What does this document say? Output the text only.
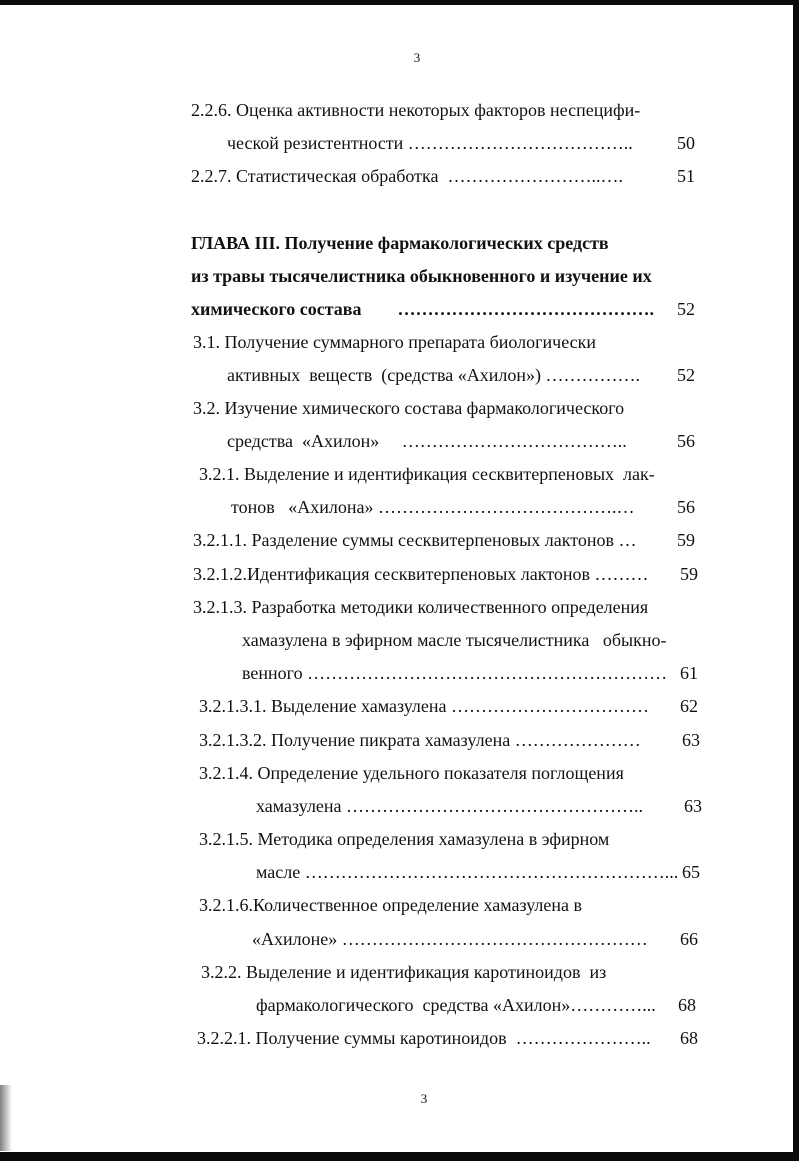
3
2.2.6. Оценка активности некоторых факторов неспецифи-
ческой резистентности ………………………………..	50
2.2.7. Статистическая обработка  ……………………..….	51
ГЛАВА III. Получение фармакологических средств
из травы тысячелистника обыкновенного и изучение их
химического состава        …………………………………….	52
3.1. Получение суммарного препарата биологически
активных  веществ  (средства «Ахилон») …………….	52
3.2. Изучение химического состава фармакологического
средства  «Ахилон»     ………………………………..	56
3.2.1. Выделение и идентификация сесквитерпеновых  лак-
тонов   «Ахилона» ………………………………….…	56
3.2.1.1. Разделение суммы сесквитерпеновых лактонов …	59
3.2.1.2.Идентификация сесквитерпеновых лактонов ………	59
3.2.1.3. Разработка методики количественного определения
хамазулена в эфирном масле тысячелистника   обыкно-
венного …………………………………………………… 61
3.2.1.3.1. Выделение хамазулена ……………………………	62
3.2.1.3.2. Получение пикрата хамазулена …………………	63
3.2.1.4. Определение удельного показателя поглощения
хамазулена …………………………………………..	63
3.2.1.5. Методика определения хамазулена в эфирном
масле ……………………………………………………... 65
3.2.1.6.Количественное определение хамазулена в
«Ахилоне» ……………………………………………	66
3.2.2. Выделение и идентификация каротиноидов  из
фармакологического  средства «Ахилон»…………...	68
3.2.2.1. Получение суммы каротиноидов  …………………..	68
3
